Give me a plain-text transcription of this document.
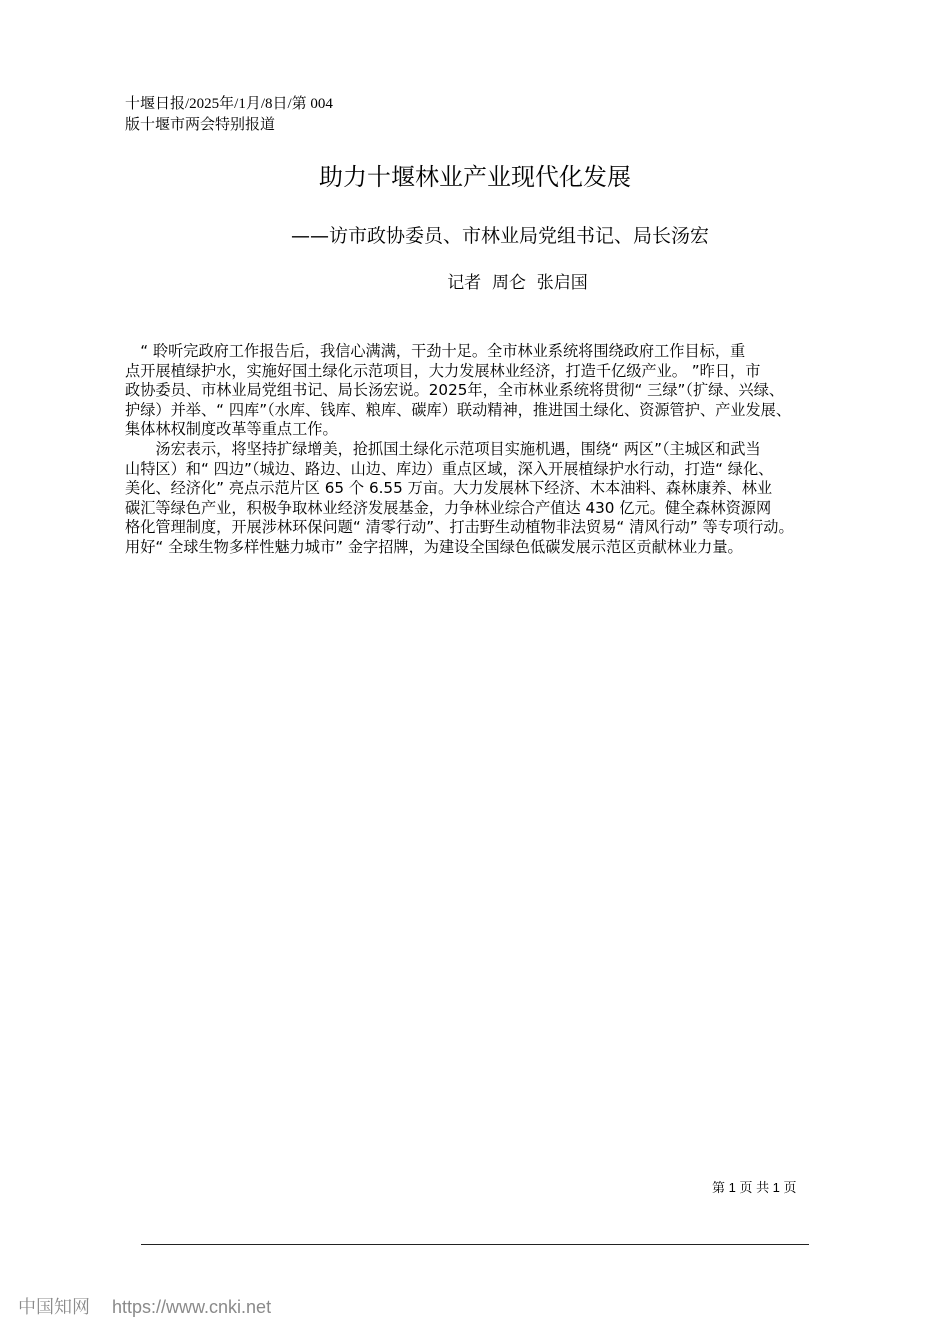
十堰日报/2025年/1月/8日/第 004
版十堰市两会特别报道
助力十堰林业产业现代化发展
——访市政协委员、市林业局党组书记、局长汤宏
记者  周仑  张启国
　“ 聆听完政府工作报告后，我信心满满，干劲十足。全市林业系统将围绕政府工作目标，重
点开展植绿护水，实施好国土绿化示范项目，大力发展林业经济，打造千亿级产业。 ”昨日，市
政协委员、市林业局党组书记、局长汤宏说。2025年，全市林业系统将贯彻“ 三绿”（扩绿、兴绿、
护绿）并举、“ 四库”（水库、钱库、粮库、碳库）联动精神，推进国土绿化、资源管护、产业发展、
集体林权制度改革等重点工作。
　　汤宏表示，将坚持扩绿增美，抢抓国土绿化示范项目实施机遇，围绕“ 两区”（主城区和武当
山特区）和“ 四边”（城边、路边、山边、库边）重点区域，深入开展植绿护水行动，打造“ 绿化、
美化、经济化” 亮点示范片区 65 个 6.55 万亩。大力发展林下经济、木本油料、森林康养、林业
碳汇等绿色产业，积极争取林业经济发展基金，力争林业综合产值达 430 亿元。健全森林资源网
格化管理制度，开展涉林环保问题“ 清零行动”、打击野生动植物非法贸易“ 清风行动” 等专项行动。
用好“ 全球生物多样性魅力城市” 金字招牌，为建设全国绿色低碳发展示范区贡献林业力量。
第 1 页 共 1 页
中国知网 https://www.cnki.net
